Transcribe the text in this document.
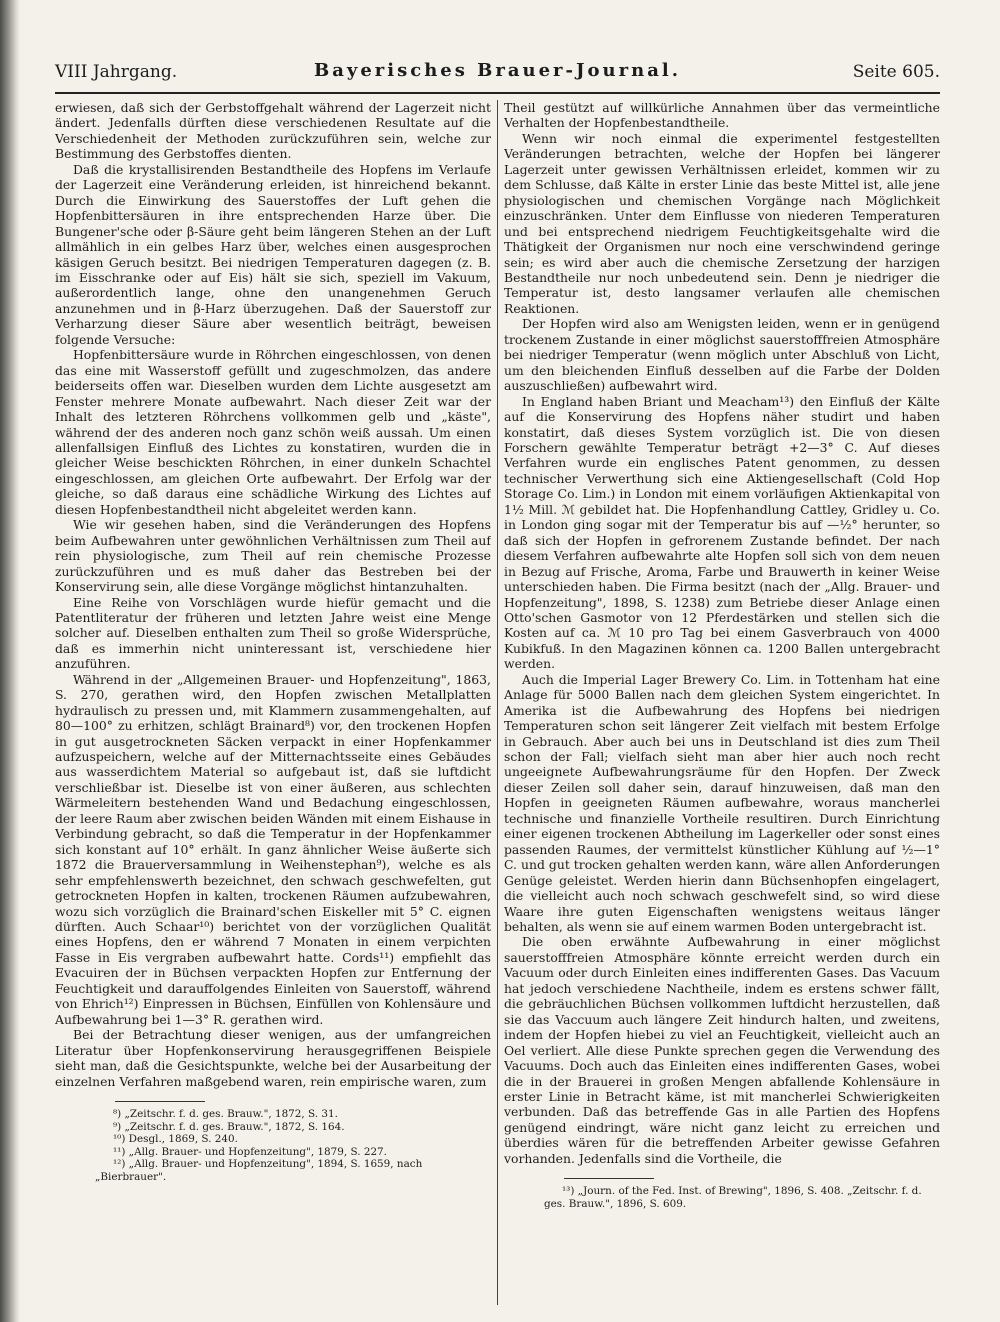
VIII Jahrgang.	Bayerisches Brauer-Journal.	Seite 605.

erwiesen, daß sich der Gerbstoffgehalt während der Lagerzeit nicht ändert. Jedenfalls dürften diese verschiedenen Resultate auf die Verschiedenheit der Methoden zurückzuführen sein, welche zur Bestimmung des Gerbstoffes dienten.

Daß die krystallisirenden Bestandtheile des Hopfens im Verlaufe der Lagerzeit eine Veränderung erleiden, ist hinreichend bekannt. Durch die Einwirkung des Sauerstoffes der Luft gehen die Hopfenbittersäuren in ihre entsprechenden Harze über. Die Bungener'sche oder β-Säure geht beim längeren Stehen an der Luft allmählich in ein gelbes Harz über, welches einen ausgesprochen käsigen Geruch besitzt. Bei niedrigen Temperaturen dagegen (z. B. im Eisschranke oder auf Eis) hält sie sich, speziell im Vakuum, außerordentlich lange, ohne den unangenehmen Geruch anzunehmen und in β-Harz überzugehen. Daß der Sauerstoff zur Verharzung dieser Säure aber wesentlich beiträgt, beweisen folgende Versuche:

Hopfenbittersäure wurde in Röhrchen eingeschlossen, von denen das eine mit Wasserstoff gefüllt und zugeschmolzen, das andere beiderseits offen war. Dieselben wurden dem Lichte ausgesetzt am Fenster mehrere Monate aufbewahrt. Nach dieser Zeit war der Inhalt des letzteren Röhrchens vollkommen gelb und „käste", während der des anderen noch ganz schön weiß aussah. Um einen allenfallsigen Einfluß des Lichtes zu konstatiren, wurden die in gleicher Weise beschickten Röhrchen, in einer dunkeln Schachtel eingeschlossen, am gleichen Orte aufbewahrt. Der Erfolg war der gleiche, so daß daraus eine schädliche Wirkung des Lichtes auf diesen Hopfenbestandtheil nicht abgeleitet werden kann.

Wie wir gesehen haben, sind die Veränderungen des Hopfens beim Aufbewahren unter gewöhnlichen Verhältnissen zum Theil auf rein physiologische, zum Theil auf rein chemische Prozesse zurückzuführen und es muß daher das Bestreben bei der Konservirung sein, alle diese Vorgänge möglichst hintanzuhalten.

Eine Reihe von Vorschlägen wurde hiefür gemacht und die Patentliteratur der früheren und letzten Jahre weist eine Menge solcher auf. Dieselben enthalten zum Theil so große Widersprüche, daß es immerhin nicht uninteressant ist, verschiedene hier anzuführen.

Während in der „Allgemeinen Brauer- und Hopfenzeitung", 1863, S. 270, gerathen wird, den Hopfen zwischen Metallplatten hydraulisch zu pressen und, mit Klammern zusammengehalten, auf 80—100° zu erhitzen, schlägt Brainard⁸) vor, den trockenen Hopfen in gut ausgetrockneten Säcken verpackt in einer Hopfenkammer aufzuspeichern, welche auf der Mitternachtsseite eines Gebäudes aus wasserdichtem Material so aufgebaut ist, daß sie luftdicht verschließbar ist. Dieselbe ist von einer äußeren, aus schlechten Wärmeleitern bestehenden Wand und Bedachung eingeschlossen, der leere Raum aber zwischen beiden Wänden mit einem Eishause in Verbindung gebracht, so daß die Temperatur in der Hopfenkammer sich konstant auf 10° erhält. In ganz ähnlicher Weise äußerte sich 1872 die Brauerversammlung in Weihenstephan⁹), welche es als sehr empfehlenswerth bezeichnet, den schwach geschwefelten, gut getrockneten Hopfen in kalten, trockenen Räumen aufzubewahren, wozu sich vorzüglich die Brainard'schen Eiskeller mit 5° C. eignen dürften. Auch Schaar¹⁰) berichtet von der vorzüglichen Qualität eines Hopfens, den er während 7 Monaten in einem verpichten Fasse in Eis vergraben aufbewahrt hatte. Cords¹¹) empfiehlt das Evacuiren der in Büchsen verpackten Hopfen zur Entfernung der Feuchtigkeit und darauffolgendes Einleiten von Sauerstoff, während von Ehrich¹²) Einpressen in Büchsen, Einfüllen von Kohlensäure und Aufbewahrung bei 1—3° R. gerathen wird.

Bei der Betrachtung dieser wenigen, aus der umfangreichen Literatur über Hopfenkonservirung herausgegriffenen Beispiele sieht man, daß die Gesichtspunkte, welche bei der Ausarbeitung der einzelnen Verfahren maßgebend waren, rein empirische waren, zum

⁸) „Zeitschr. f. d. ges. Brauw.", 1872, S. 31.

⁹) „Zeitschr. f. d. ges. Brauw.", 1872, S. 164.

¹⁰) Desgl., 1869, S. 240.

¹¹) „Allg. Brauer- und Hopfenzeitung", 1879, S. 227.

¹²) „Allg. Brauer- und Hopfenzeitung", 1894, S. 1659, nach „Bierbrauer".

Theil gestützt auf willkürliche Annahmen über das vermeintliche Verhalten der Hopfenbestandtheile.

Wenn wir noch einmal die experimentel festgestellten Veränderungen betrachten, welche der Hopfen bei längerer Lagerzeit unter gewissen Verhältnissen erleidet, kommen wir zu dem Schlusse, daß Kälte in erster Linie das beste Mittel ist, alle jene physiologischen und chemischen Vorgänge nach Möglichkeit einzuschränken. Unter dem Einflusse von niederen Temperaturen und bei entsprechend niedrigem Feuchtigkeitsgehalte wird die Thätigkeit der Organismen nur noch eine verschwindend geringe sein; es wird aber auch die chemische Zersetzung der harzigen Bestandtheile nur noch unbedeutend sein. Denn je niedriger die Temperatur ist, desto langsamer verlaufen alle chemischen Reaktionen.

Der Hopfen wird also am Wenigsten leiden, wenn er in genügend trockenem Zustande in einer möglichst sauerstofffreien Atmosphäre bei niedriger Temperatur (wenn möglich unter Abschluß von Licht, um den bleichenden Einfluß desselben auf die Farbe der Dolden auszuschließen) aufbewahrt wird.

In England haben Briant und Meacham¹³) den Einfluß der Kälte auf die Konservirung des Hopfens näher studirt und haben konstatirt, daß dieses System vorzüglich ist. Die von diesen Forschern gewählte Temperatur beträgt +2—3° C. Auf dieses Verfahren wurde ein englisches Patent genommen, zu dessen technischer Verwerthung sich eine Aktiengesellschaft (Cold Hop Storage Co. Lim.) in London mit einem vorläufigen Aktienkapital von 1½ Mill. ℳ gebildet hat. Die Hopfenhandlung Cattley, Gridley u. Co. in London ging sogar mit der Temperatur bis auf —½° herunter, so daß sich der Hopfen in gefrorenem Zustande befindet. Der nach diesem Verfahren aufbewahrte alte Hopfen soll sich von dem neuen in Bezug auf Frische, Aroma, Farbe und Brauwerth in keiner Weise unterschieden haben. Die Firma besitzt (nach der „Allg. Brauer- und Hopfenzeitung", 1898, S. 1238) zum Betriebe dieser Anlage einen Otto'schen Gasmotor von 12 Pferdestärken und stellen sich die Kosten auf ca. ℳ 10 pro Tag bei einem Gasverbrauch von 4000 Kubikfuß. In den Magazinen können ca. 1200 Ballen untergebracht werden.

Auch die Imperial Lager Brewery Co. Lim. in Tottenham hat eine Anlage für 5000 Ballen nach dem gleichen System eingerichtet. In Amerika ist die Aufbewahrung des Hopfens bei niedrigen Temperaturen schon seit längerer Zeit vielfach mit bestem Erfolge in Gebrauch. Aber auch bei uns in Deutschland ist dies zum Theil schon der Fall; vielfach sieht man aber hier auch noch recht ungeeignete Aufbewahrungsräume für den Hopfen. Der Zweck dieser Zeilen soll daher sein, darauf hinzuweisen, daß man den Hopfen in geeigneten Räumen aufbewahre, woraus mancherlei technische und finanzielle Vortheile resultiren. Durch Einrichtung einer eigenen trockenen Abtheilung im Lagerkeller oder sonst eines passenden Raumes, der vermittelst künstlicher Kühlung auf ½—1° C. und gut trocken gehalten werden kann, wäre allen Anforderungen Genüge geleistet. Werden hierin dann Büchsenhopfen eingelagert, die vielleicht auch noch schwach geschwefelt sind, so wird diese Waare ihre guten Eigenschaften wenigstens weitaus länger behalten, als wenn sie auf einem warmen Boden untergebracht ist.

Die oben erwähnte Aufbewahrung in einer möglichst sauerstofffreien Atmosphäre könnte erreicht werden durch ein Vacuum oder durch Einleiten eines indifferenten Gases. Das Vacuum hat jedoch verschiedene Nachtheile, indem es erstens schwer fällt, die gebräuchlichen Büchsen vollkommen luftdicht herzustellen, daß sie das Vaccuum auch längere Zeit hindurch halten, und zweitens, indem der Hopfen hiebei zu viel an Feuchtigkeit, vielleicht auch an Oel verliert. Alle diese Punkte sprechen gegen die Verwendung des Vacuums. Doch auch das Einleiten eines indifferenten Gases, wobei die in der Brauerei in großen Mengen abfallende Kohlensäure in erster Linie in Betracht käme, ist mit mancherlei Schwierigkeiten verbunden. Daß das betreffende Gas in alle Partien des Hopfens genügend eindringt, wäre nicht ganz leicht zu erreichen und überdies wären für die betreffenden Arbeiter gewisse Gefahren vorhanden. Jedenfalls sind die Vortheile, die

¹³) „Journ. of the Fed. Inst. of Brewing", 1896, S. 408. „Zeitschr. f. d. ges. Brauw.", 1896, S. 609.
